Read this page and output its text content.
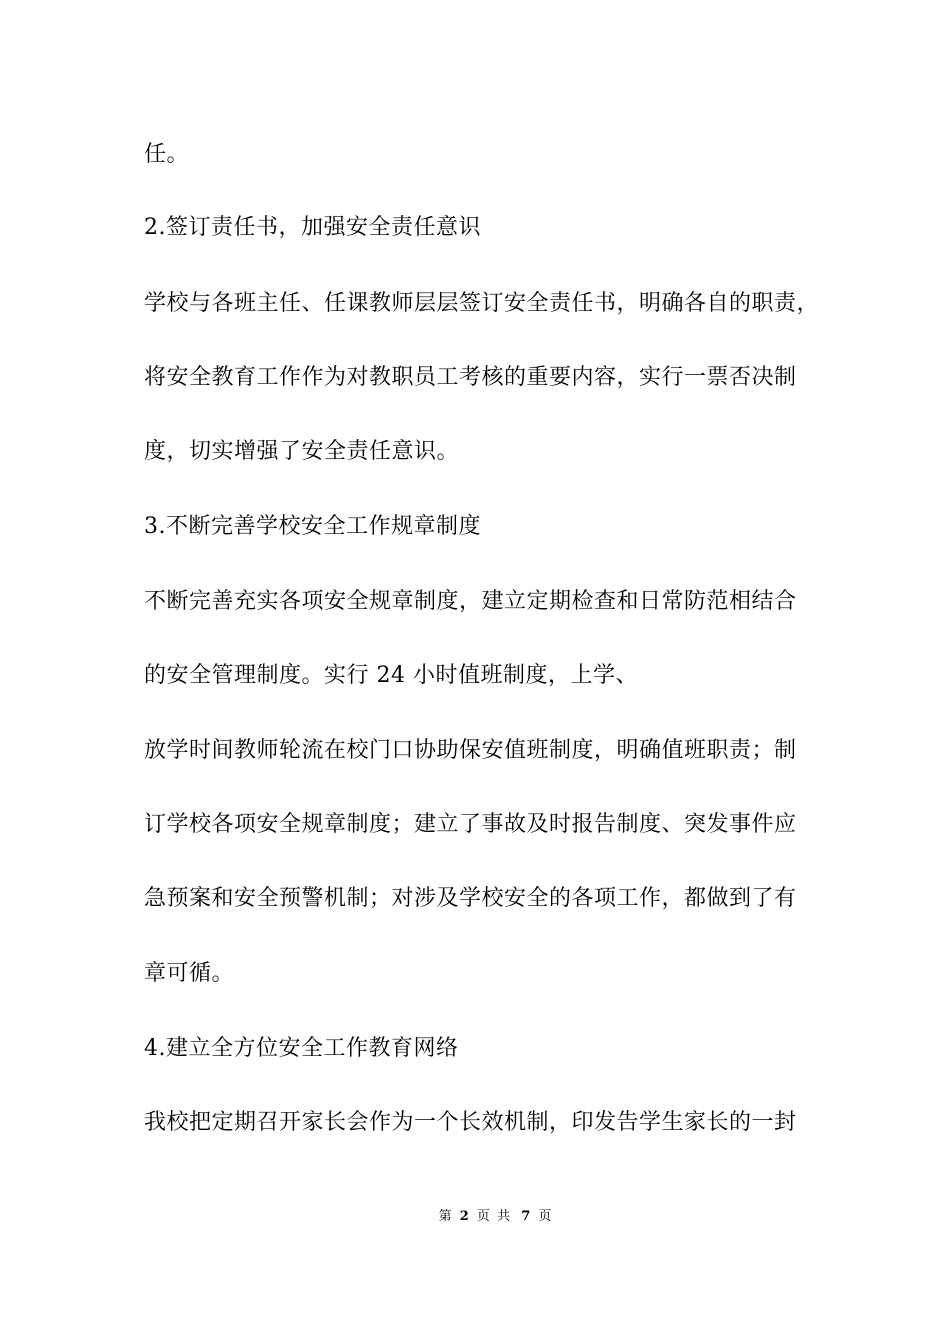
任。
2.签订责任书，加强安全责任意识
学校与各班主任、任课教师层层签订安全责任书，明确各自的职责，
将安全教育工作作为对教职员工考核的重要内容，实行一票否决制
度，切实增强了安全责任意识。
3.不断完善学校安全工作规章制度
不断完善充实各项安全规章制度，建立定期检查和日常防范相结合
的安全管理制度。实行 24 小时值班制度，上学、
放学时间教师轮流在校门口协助保安值班制度，明确值班职责；制
订学校各项安全规章制度；建立了事故及时报告制度、突发事件应
急预案和安全预警机制；对涉及学校安全的各项工作，都做到了有
章可循。
4.建立全方位安全工作教育网络
我校把定期召开家长会作为一个长效机制，印发告学生家长的一封
第 2 页 共 7 页
